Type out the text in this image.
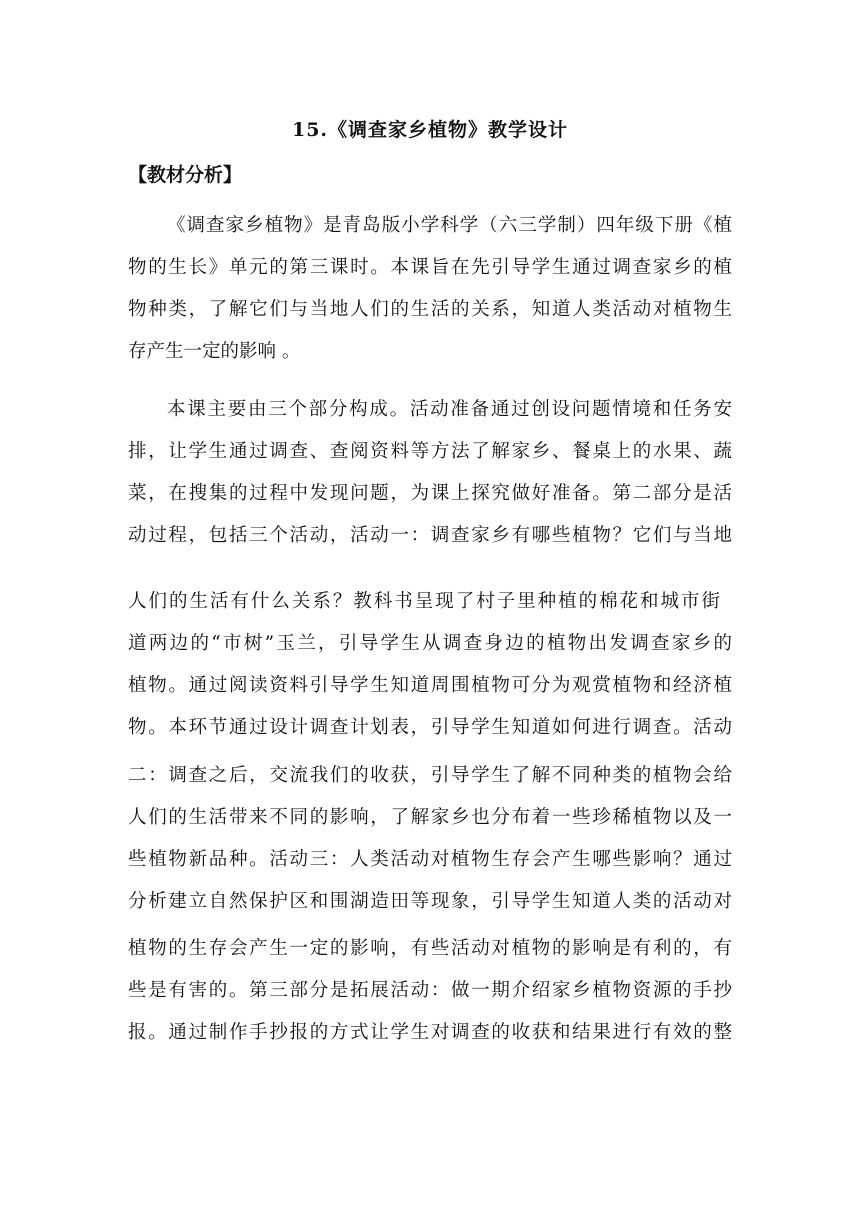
15.《调查家乡植物》教学设计
【教材分析】
《调查家乡植物》是青岛版小学科学（六三学制）四年级下册《植
物的生长》单元的第三课时。本课旨在先引导学生通过调查家乡的植
物种类，了解它们与当地人们的生活的关系，知道人类活动对植物生
存产生一定的影响 。
本课主要由三个部分构成。活动准备通过创设问题情境和任务安
排，让学生通过调查、查阅资料等方法了解家乡、餐桌上的水果、蔬
菜，在搜集的过程中发现问题，为课上探究做好准备。第二部分是活
动过程，包括三个活动，活动一：调查家乡有哪些植物？它们与当地
人们的生活有什么关系？教科书呈现了村子里种植的棉花和城市街
道两边的“市树”玉兰，引导学生从调查身边的植物出发调查家乡的
植物。通过阅读资料引导学生知道周围植物可分为观赏植物和经济植
物。本环节通过设计调查计划表，引导学生知道如何进行调查。活动
二：调查之后，交流我们的收获，引导学生了解不同种类的植物会给
人们的生活带来不同的影响，了解家乡也分布着一些珍稀植物以及一
些植物新品种。活动三：人类活动对植物生存会产生哪些影响？通过
分析建立自然保护区和围湖造田等现象，引导学生知道人类的活动对
植物的生存会产生一定的影响，有些活动对植物的影响是有利的，有
些是有害的。第三部分是拓展活动：做一期介绍家乡植物资源的手抄
报。通过制作手抄报的方式让学生对调查的收获和结果进行有效的整
